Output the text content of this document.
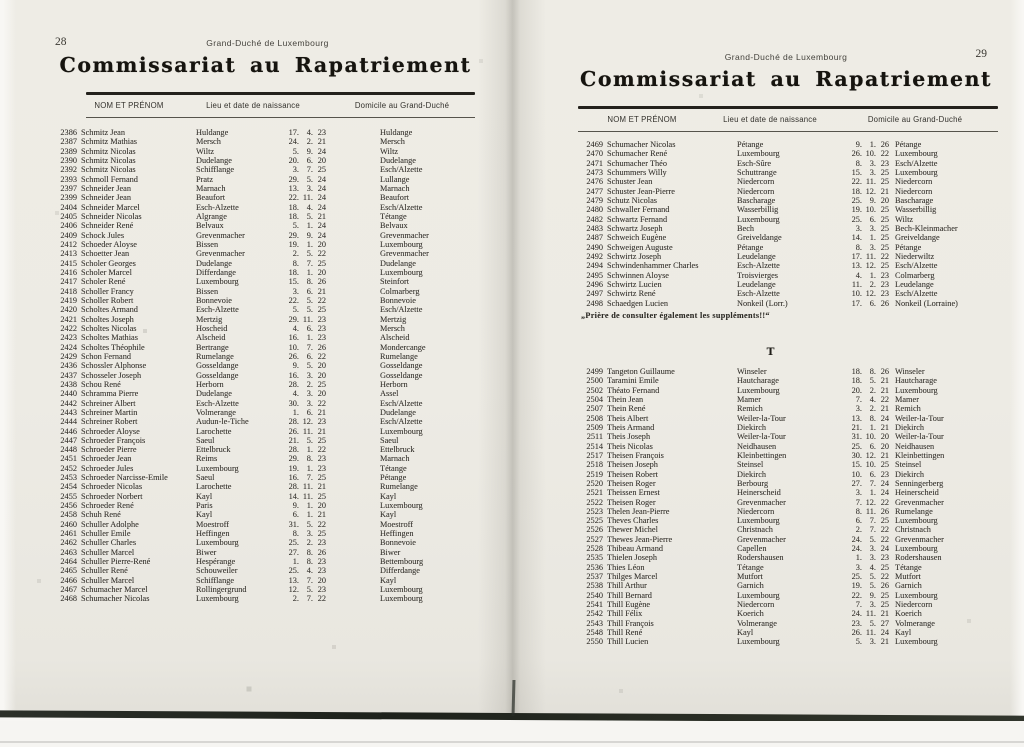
28	Grand-Duché de Luxembourg
Commissariat au Rapatriement
NOM ET PRÉNOM	Lieu et date de naissance	Domicile au Grand-Duché
2386 Schmitz Jean	Huldange	17. 4. 23	Huldange
2387 Schmitz Mathias	Mersch	24. 2. 21	Mersch
2389 Schmitz Nicolas	Wiltz	5. 9. 24	Wiltz
2390 Schmitz Nicolas	Dudelange	20. 6. 20	Dudelange
2392 Schmitz Nicolas	Schifflange	3. 7. 25	Esch/Alzette
2393 Schmoll Fernand	Pratz	29. 5. 24	Lullange
2397 Schneider Jean	Marnach	13. 3. 24	Marnach
2399 Schneider Jean	Beaufort	22. 11. 24	Beaufort
2404 Schneider Marcel	Esch-Alzette	18. 4. 24	Esch/Alzette
2405 Schneider Nicolas	Algrange	18. 5. 21	Tétange
2406 Schneider René	Belvaux	5. 1. 24	Belvaux
2409 Schock Jules	Grevenmacher	29. 9. 24	Grevenmacher
2412 Schoeder Aloyse	Bissen	19. 1. 20	Luxembourg
2413 Schoetter Jean	Grevenmacher	2. 5. 22	Grevenmacher
2415 Scholer Georges	Dudelange	8. 7. 25	Dudelange
2416 Scholer Marcel	Differdange	18. 1. 20	Luxembourg
2417 Scholer René	Luxembourg	15. 8. 26	Steinfort
2418 Scholler Francy	Bissen	3. 6. 21	Colmarberg
2419 Scholler Robert	Bonnevoie	22. 5. 22	Bonnevoie
2420 Scholtes Armand	Esch-Alzette	5. 5. 25	Esch/Alzette
2421 Scholtes Joseph	Mertzig	29. 11. 23	Mertzig
2422 Scholtes Nicolas	Hoscheid	4. 6. 23	Mersch
2423 Scholtes Mathias	Alscheid	16. 1. 23	Alscheid
2424 Scholtes Théophile	Bertrange	10. 7. 26	Mondercange
2429 Schon Fernand	Rumelange	26. 6. 22	Rumelange
2436 Schossler Alphonse	Gosseldange	9. 5. 20	Gosseldange
2437 Schosseler Joseph	Gosseldange	16. 3. 20	Gosseldange
2438 Schou René	Herborn	28. 2. 25	Herborn
2440 Schramma Pierre	Dudelange	4. 3. 20	Assel
2442 Schreiner Albert	Esch-Alzette	30. 3. 22	Esch/Alzette
2443 Schreiner Martin	Volmerange	1. 6. 21	Dudelange
2444 Schreiner Robert	Audun-le-Tiche	28. 12. 23	Esch/Alzette
2446 Schroeder Aloyse	Larochette	26. 11. 21	Luxembourg
2447 Schroeder François	Saeul	21. 5. 25	Saeul
2448 Schroeder Pierre	Ettelbruck	28. 1. 22	Ettelbruck
2451 Schroeder Jean	Reims	29. 8. 23	Marnach
2452 Schroeder Jules	Luxembourg	19. 1. 23	Tétange
2453 Schroeder Narcisse-Emile	Saeul	16. 7. 25	Pétange
2454 Schroeder Nicolas	Larochette	28. 11. 21	Rumelange
2455 Schroeder Norbert	Kayl	14. 11. 25	Kayl
2456 Schroeder René	Paris	9. 1. 20	Luxembourg
2458 Schuh René	Kayl	6. 1. 21	Kayl
2460 Schuller Adolphe	Moestroff	31. 5. 22	Moestroff
2461 Schuller Emile	Heffingen	8. 3. 25	Heffingen
2462 Schuller Charles	Luxembourg	25. 2. 23	Bonnevoie
2463 Schuller Marcel	Biwer	27. 8. 26	Biwer
2464 Schuller Pierre-René	Hespérange	1. 8. 23	Bettembourg
2465 Schuller René	Schouweiler	25. 4. 23	Differdange
2466 Schuller Marcel	Schifflange	13. 7. 20	Kayl
2467 Schumacher Marcel	Rollingergrund	12. 5. 23	Luxembourg
2468 Schumacher Nicolas	Luxembourg	2. 7. 22	Luxembourg
29
Grand-Duché de Luxembourg
Commissariat au Rapatriement
NOM ET PRÉNOM	Lieu et date de naissance	Domicile au Grand-Duché
2469 Schumacher Nicolas	Pétange	9. 1. 26 Pétange
2470 Schumacher René	Luxembourg	26. 10. 22 Luxembourg
2471 Schumacher Théo	Esch-Sûre	8. 3. 23 Esch/Alzette
2473 Schummers Willy	Schuttrange	15. 3. 25 Luxembourg
2476 Schuster Jean	Niedercorn	22. 11. 25 Niedercorn
2477 Schuster Jean-Pierre	Niedercorn	18. 12. 21 Niedercorn
2479 Schutz Nicolas	Bascharage	25. 9. 20 Bascharage
2480 Schwaller Fernand	Wasserbillig	19. 10. 25 Wasserbillig
2482 Schwartz Fernand	Luxembourg	25. 6. 25 Wiltz
2483 Schwartz Joseph	Bech	3. 3. 25 Bech-Kleinmacher
2487 Schweich Eugène	Greiveldange	14. 1. 25 Greiveldange
2490 Schweigen Auguste	Pétange	8. 3. 25 Pétange
2492 Schwirtz Joseph	Leudelange	17. 11. 22 Niederwiltz
2494 Schwindenhammer Charles	Esch-Alzette	13. 12. 25 Esch/Alzette
2495 Schwinnen Aloyse	Troisvierges	4. 1. 23 Colmarberg
2496 Schwirtz Lucien	Leudelange	11. 2. 23 Leudelange
2497 Schwirtz René	Esch-Alzette	10. 12. 23 Esch/Alzette
2498 Schaedgen Lucien	Nonkeil (Lorr.)	17. 6. 26 Nonkeil (Lorraine)
„Prière de consulter également les suppléments!!“
T
2499 Tangeton Guillaume	Winseler	18. 8. 26 Winseler
2500 Taramini Emile	Hautcharage	18. 5. 21 Hautcharage
2502 Théato Fernand	Luxembourg	20. 2. 21 Luxembourg
2504 Thein Jean	Mamer	7. 4. 22 Mamer
2507 Thein René	Remich	3. 2. 21 Remich
2508 Theis Albert	Weiler-la-Tour	13. 8. 24 Weiler-la-Tour
2509 Theis Armand	Diekirch	21. 1. 21 Diekirch
2511 Theis Joseph	Weiler-la-Tour	31. 10. 20 Weiler-la-Tour
2514 Theis Nicolas	Neidhausen	25. 6. 20 Neidhausen
2517 Theisen François	Kleinbettingen	30. 12. 21 Kleinbettingen
2518 Theisen Joseph	Steinsel	15. 10. 25 Steinsel
2519 Theisen Robert	Diekirch	10. 6. 23 Diekirch
2520 Theisen Roger	Berbourg	27. 7. 24 Senningerberg
2521 Theissen Ernest	Heinerscheid	3. 1. 24 Heinerscheid
2522 Theisen Roger	Grevenmacher	7. 12. 22 Grevenmacher
2523 Thelen Jean-Pierre	Niedercorn	8. 11. 26 Rumelange
2525 Theves Charles	Luxembourg	6. 7. 25 Luxembourg
2526 Thewer Michel	Christnach	2. 7. 22 Christnach
2527 Thewes Jean-Pierre	Grevenmacher	24. 5. 22 Grevenmacher
2528 Thibeau Armand	Capellen	24. 3. 24 Luxembourg
2535 Thielen Joseph	Rodershausen	1. 3. 23 Rodershausen
2536 Thies Léon	Tétange	3. 4. 25 Tétange
2537 Thilges Marcel	Mutfort	25. 5. 22 Mutfort
2538 Thill Arthur	Garnich	19. 5. 26 Garnich
2540 Thill Bernard	Luxembourg	22. 9. 25 Luxembourg
2541 Thill Eugène	Niedercorn	7. 3. 25 Niedercorn
2542 Thill Félix	Koerich	24. 11. 21 Koerich
2543 Thill François	Volmerange	23. 5. 27 Volmerange
2548 Thill René	Kayl	26. 11. 24 Kayl
2550 Thill Lucien	Luxembourg	5. 3. 21 Luxembourg
